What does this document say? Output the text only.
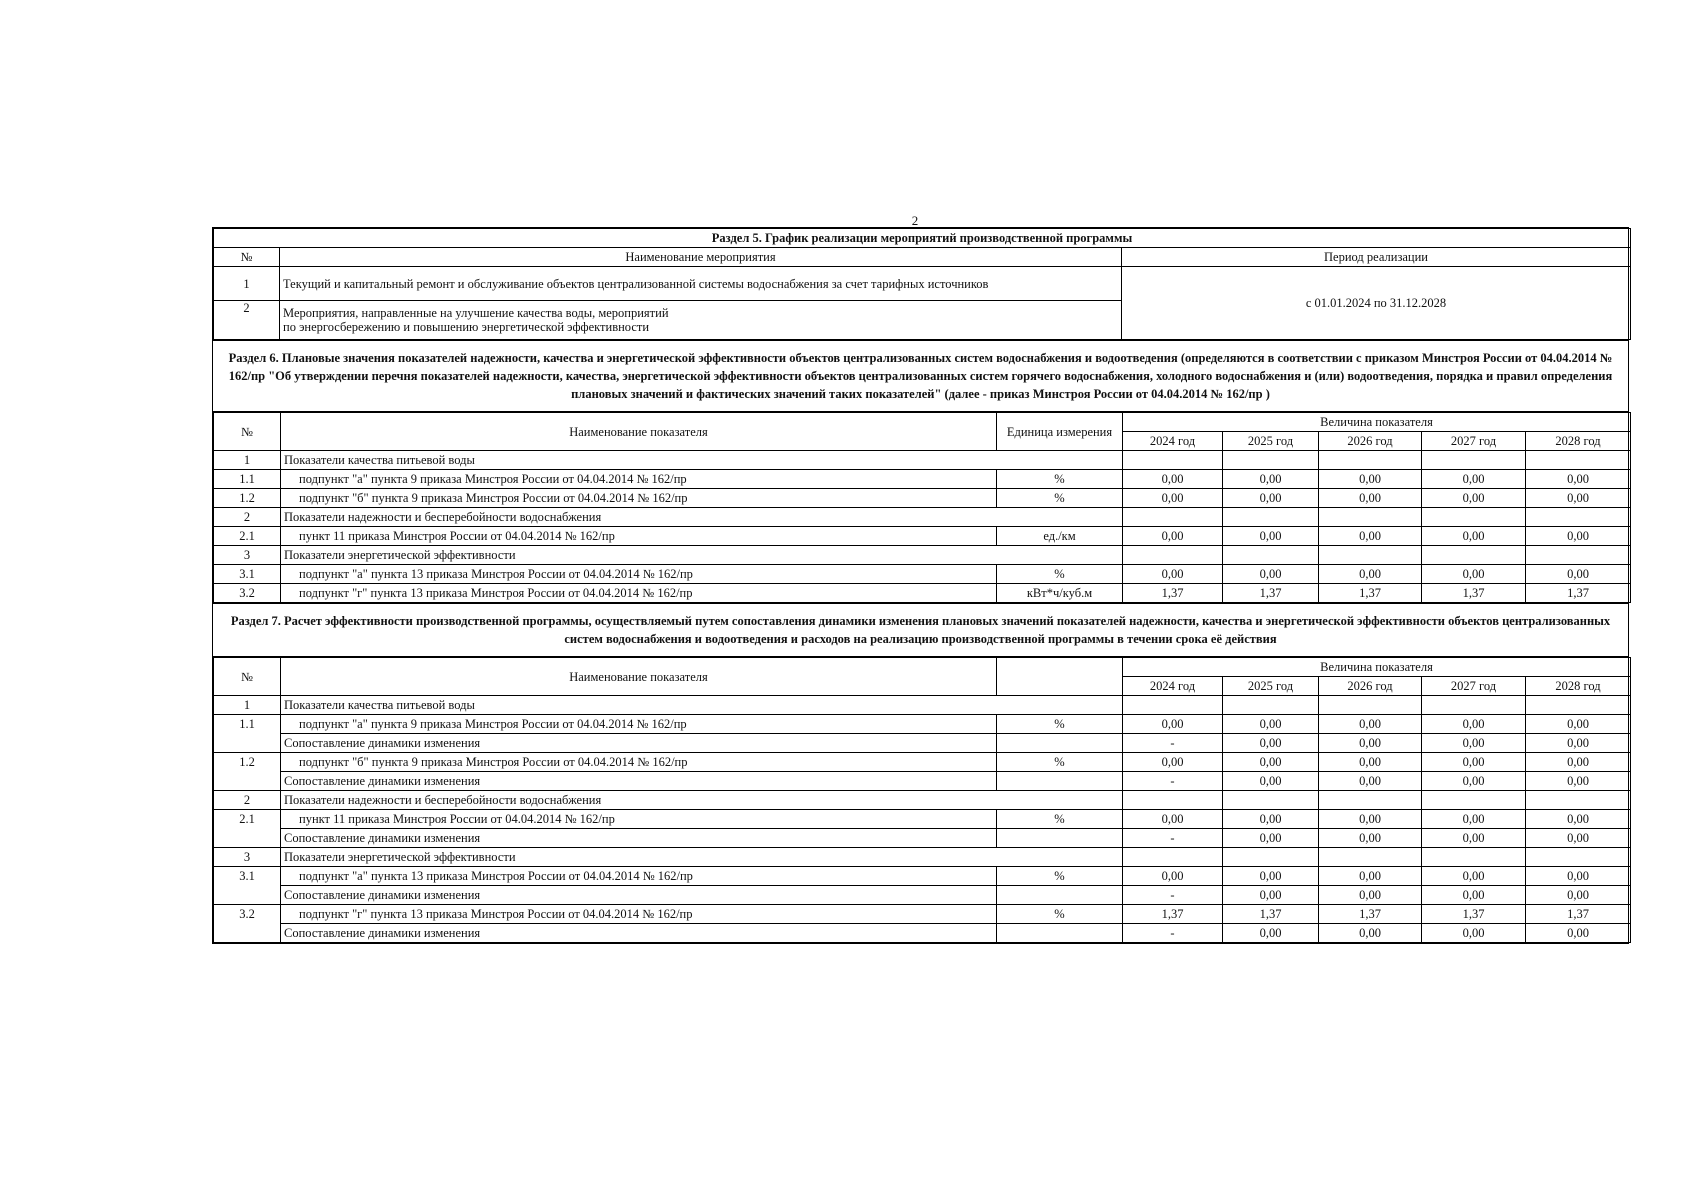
2
Раздел 5. График реализации мероприятий производственной программы		
№	Наименование мероприятия	Период реализации
1	Текущий и капитальный ремонт и обслуживание объектов централизованной системы водоснабжения за счет тарифных источников	с 01.01.2024 по 31.12.2028
2	Мероприятия, направленные на улучшение качества воды, мероприятий
по энергосбережению и повышению энергетической эффективности	
Раздел 6. Плановые значения показателей надежности, качества и энергетической эффективности объектов централизованных систем водоснабжения и водоотведения (определяются в соответствии с приказом Минстроя России от 04.04.2014 № 162/пр "Об утверждении перечня показателей надежности, качества, энергетической эффективности объектов централизованных систем горячего водоснабжения, холодного водоснабжения и (или) водоотведения, порядка и правил определения плановых значений и фактических значений таких показателей" (далее - приказ Минстроя России от 04.04.2014 № 162/пр )
№	Наименование показателя	Единица измерения	Величина показателя				
			2024 год	2025 год	2026 год	2027 год	2028 год
1	Показатели качества питьевой воды						
1.1	подпункт "а" пункта 9 приказа Минстроя России от 04.04.2014 № 162/пр	%	0,00	0,00	0,00	0,00	0,00
1.2	подпункт "б" пункта 9 приказа Минстроя России от 04.04.2014 № 162/пр	%	0,00	0,00	0,00	0,00	0,00
2	Показатели надежности и бесперебойности водоснабжения						
2.1	пункт 11 приказа Минстроя России от 04.04.2014 № 162/пр	ед./км	0,00	0,00	0,00	0,00	0,00
3	Показатели энергетической эффективности						
3.1	подпункт "а" пункта 13 приказа Минстроя России от 04.04.2014 № 162/пр	%	0,00	0,00	0,00	0,00	0,00
3.2	подпункт "г" пункта 13 приказа Минстроя России от 04.04.2014 № 162/пр	кВт*ч/куб.м	1,37	1,37	1,37	1,37	1,37
Раздел 7. Расчет эффективности производственной программы, осуществляемый путем сопоставления динамики изменения плановых значений показателей надежности, качества и энергетической эффективности объектов централизованных систем водоснабжения и водоотведения и расходов на реализацию производственной программы в течении срока её действия
№	Наименование показателя		Величина показателя				
			2024 год	2025 год	2026 год	2027 год	2028 год
1	Показатели качества питьевой воды						
1.1	подпункт "а" пункта 9 приказа Минстроя России от 04.04.2014 № 162/пр	%	0,00	0,00	0,00	0,00	0,00
	Сопоставление динамики изменения		-	0,00	0,00	0,00	0,00
1.2	подпункт "б" пункта 9 приказа Минстроя России от 04.04.2014 № 162/пр	%	0,00	0,00	0,00	0,00	0,00
	Сопоставление динамики изменения		-	0,00	0,00	0,00	0,00
2	Показатели надежности и бесперебойности водоснабжения						
2.1	пункт 11 приказа Минстроя России от 04.04.2014 № 162/пр	%	0,00	0,00	0,00	0,00	0,00
	Сопоставление динамики изменения		-	0,00	0,00	0,00	0,00
3	Показатели энергетической эффективности						
3.1	подпункт "а" пункта 13 приказа Минстроя России от 04.04.2014 № 162/пр	%	0,00	0,00	0,00	0,00	0,00
	Сопоставление динамики изменения		-	0,00	0,00	0,00	0,00
3.2	подпункт "г" пункта 13 приказа Минстроя России от 04.04.2014 № 162/пр	%	1,37	1,37	1,37	1,37	1,37
	Сопоставление динамики изменения		-	0,00	0,00	0,00	0,00
